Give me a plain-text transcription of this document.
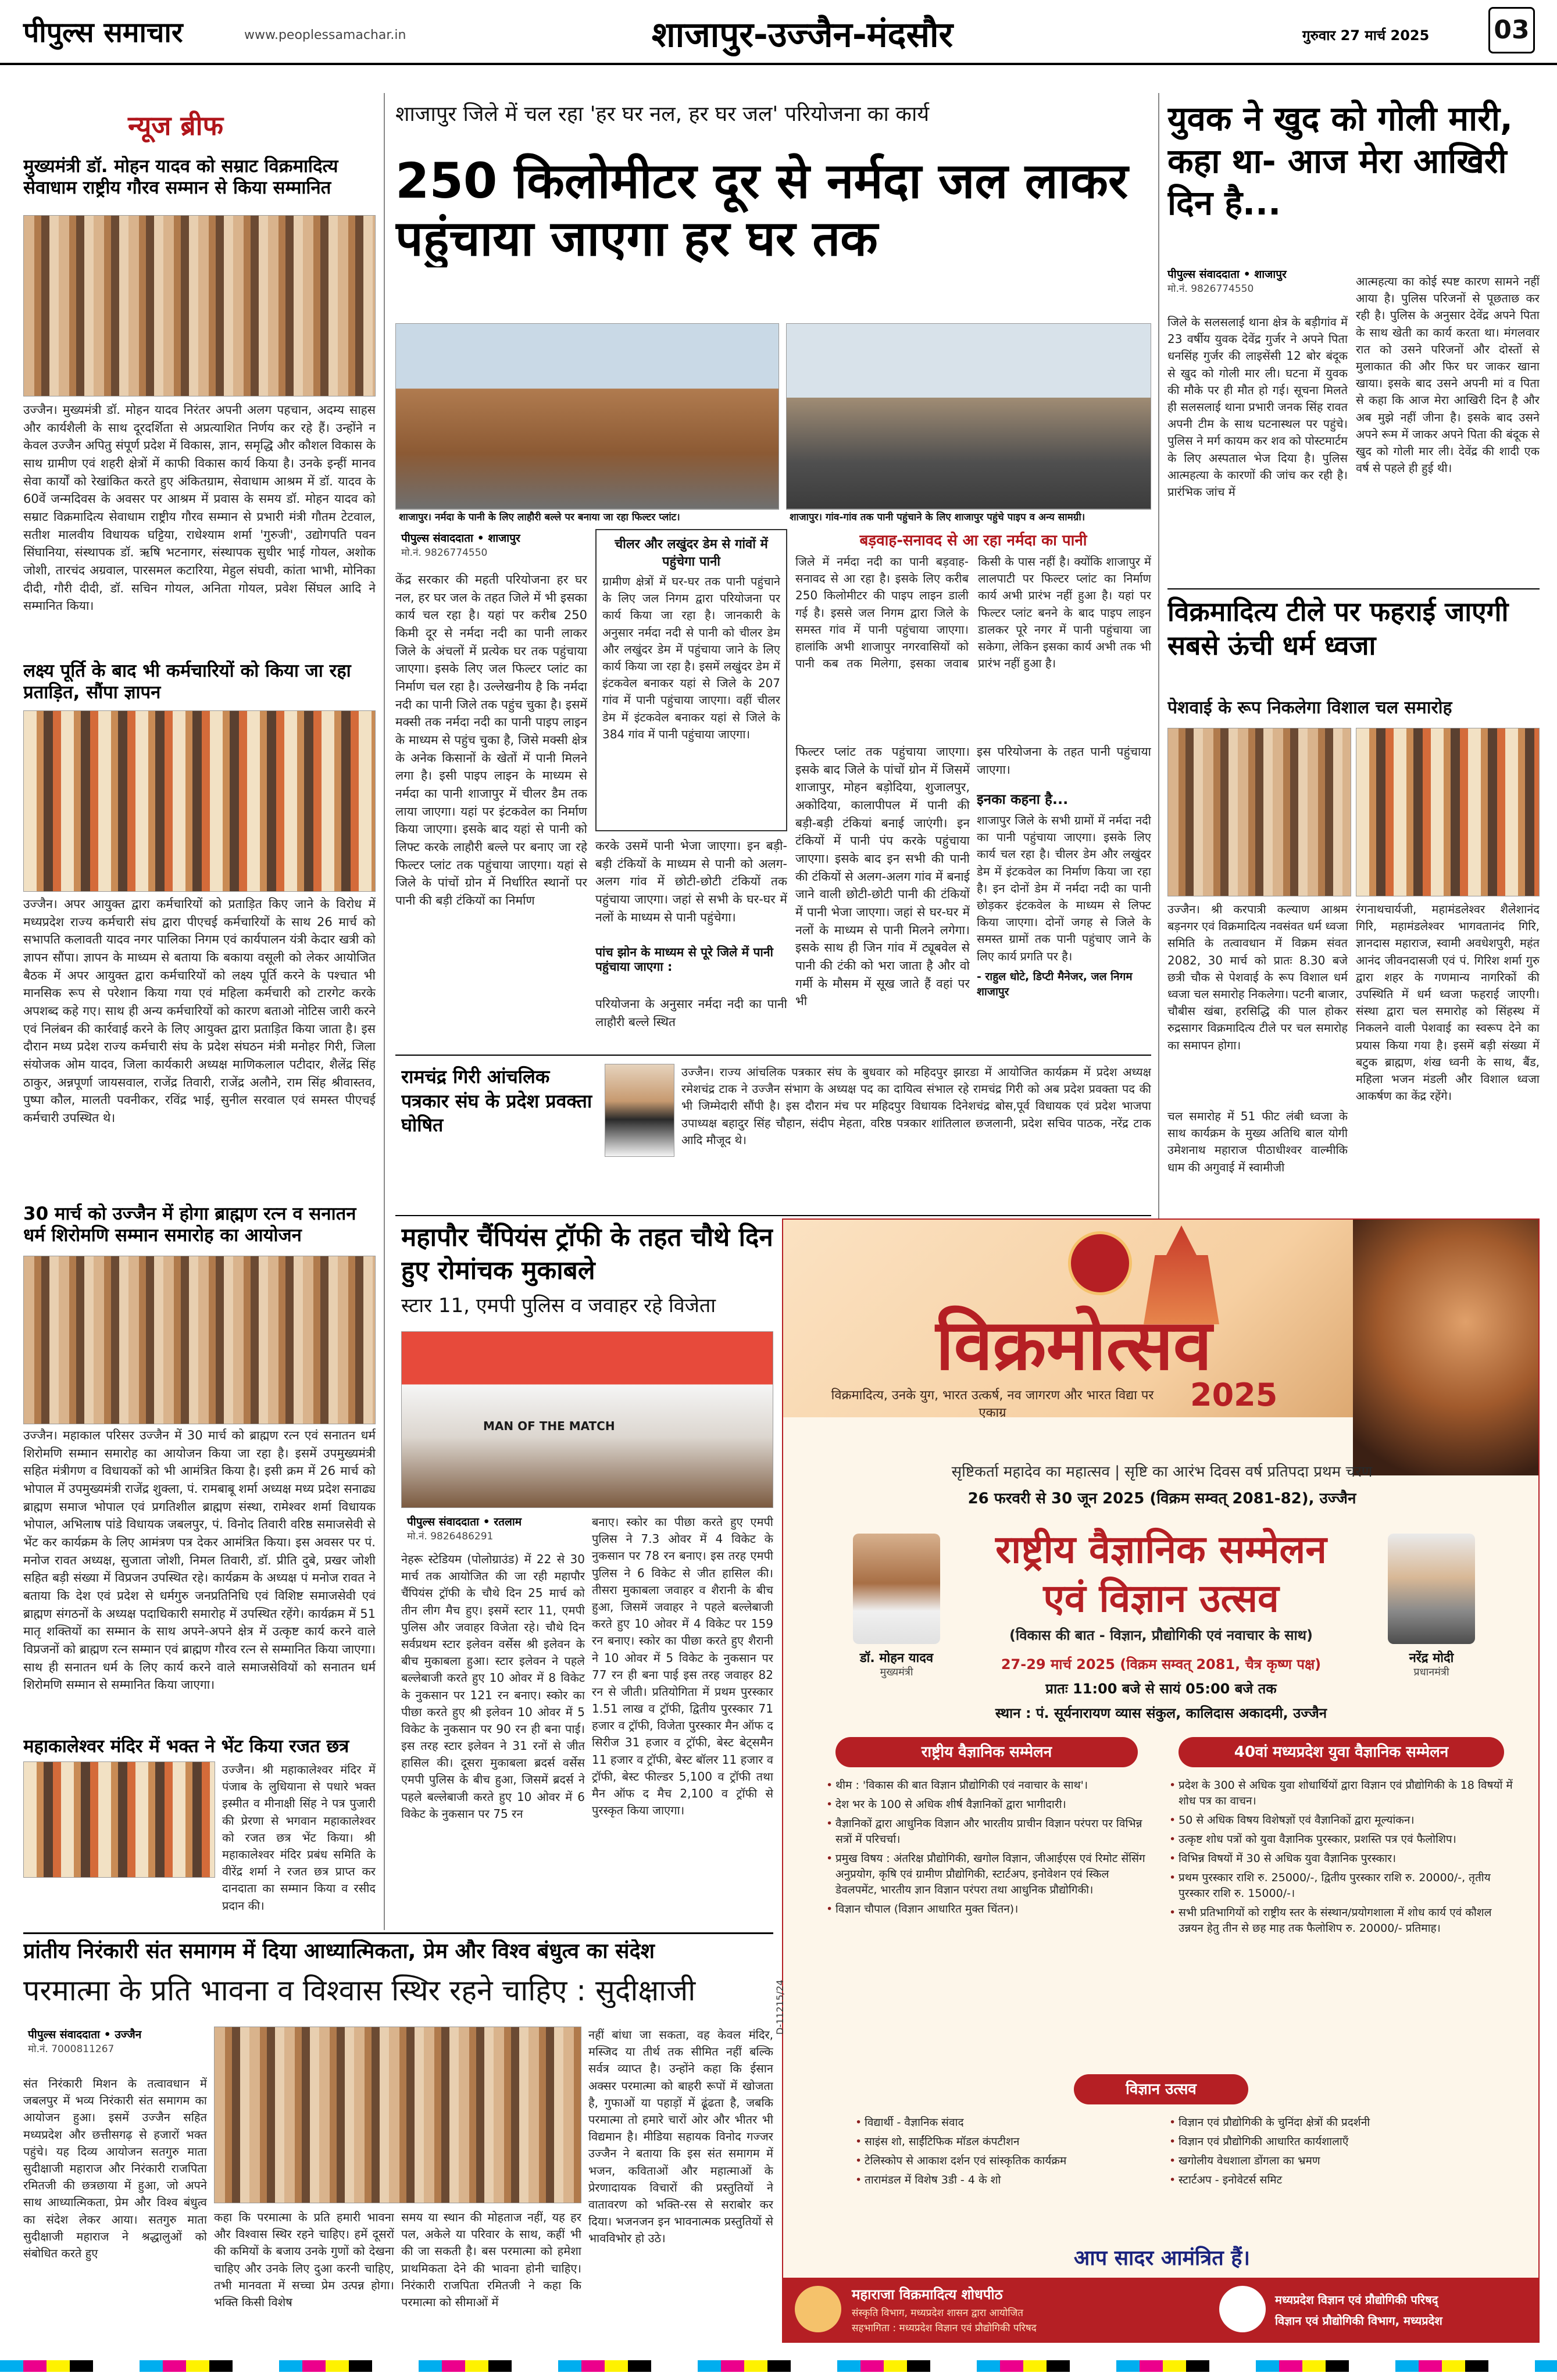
पीपुल्स समाचार	www.peoplessamachar.in	शाजापुर-उज्जैन-मंदसौर	गुरुवार 27 मार्च 2025	03
न्यूज ब्रीफ
मुख्यमंत्री डॉ. मोहन यादव को सम्राट विक्रमादित्य सेवाधाम राष्ट्रीय गौरव सम्मान से किया सम्मानित
उज्जैन। मुख्यमंत्री डॉ. मोहन यादव निरंतर अपनी अलग पहचान, अदम्य साहस और कार्यशैली के साथ दूरदर्शिता से अप्रत्याशित निर्णय कर रहे हैं। उन्होंने न केवल उज्जैन अपितु संपूर्ण प्रदेश में विकास, ज्ञान, समृद्धि और कौशल विकास के साथ ग्रामीण एवं शहरी क्षेत्रों में काफी विकास कार्य किया है। उनके इन्हीं मानव सेवा कार्यों को रेखांकित करते हुए अंकितग्राम, सेवाधाम आश्रम में डॉ. यादव के 60वें जन्मदिवस के अवसर पर आश्रम में प्रवास के समय डॉ. मोहन यादव को सम्राट विक्रमादित्य सेवाधाम राष्ट्रीय गौरव सम्मान से प्रभारी मंत्री गौतम टेटवाल, सतीश मालवीय विधायक घट्टिया, राधेश्याम शर्मा 'गुरुजी', उद्योगपति पवन सिंघानिया, संस्थापक डॉ. ऋषि भटनागर, संस्थापक सुधीर भाई गोयल, अशोक जोशी, तारचंद अग्रवाल, पारसमल कटारिया, मेहुल संघवी, कांता भाभी, मोनिका दीदी, गौरी दीदी, डॉ. सचिन गोयल, अनिता गोयल, प्रवेश सिंघल आदि ने सम्मानित किया।
लक्ष्य पूर्ति के बाद भी कर्मचारियों को किया जा रहा प्रताड़ित, सौंपा ज्ञापन
उज्जैन। अपर आयुक्त द्वारा कर्मचारियों को प्रताड़ित किए जाने के विरोध में मध्यप्रदेश राज्य कर्मचारी संघ द्वारा पीएचई कर्मचारियों के साथ 26 मार्च को सभापति कलावती यादव नगर पालिका निगम एवं कार्यपालन यंत्री केदार खत्री को ज्ञापन सौंपा। ज्ञापन के माध्यम से बताया कि बकाया वसूली को लेकर आयोजित बैठक में अपर आयुक्त द्वारा कर्मचारियों को लक्ष्य पूर्ति करने के पश्चात भी मानसिक रूप से परेशान किया गया एवं महिला कर्मचारी को टारगेट करके अपशब्द कहे गए। साथ ही अन्य कर्मचारियों को कारण बताओ नोटिस जारी करने एवं निलंबन की कार्रवाई करने के लिए आयुक्त द्वारा प्रताड़ित किया जाता है। इस दौरान मध्य प्रदेश राज्य कर्मचारी संघ के प्रदेश संघठन मंत्री मनोहर गिरी, जिला संयोजक ओम यादव, जिला कार्यकारी अध्यक्ष माणिकलाल पटीदार, शैलेंद्र सिंह ठाकुर, अन्नपूर्णा जायसवाल, राजेंद्र तिवारी, राजेंद्र अलौने, राम सिंह श्रीवास्तव, पुष्पा कौल, मालती पवनीकर, रविंद्र भाई, सुनील सरवाल एवं समस्त पीएचई कर्मचारी उपस्थित थे।
30 मार्च को उज्जैन में होगा ब्राह्मण रत्न व सनातन धर्म शिरोमणि सम्मान समारोह का आयोजन
उज्जैन। महाकाल परिसर उज्जैन में 30 मार्च को ब्राह्मण रत्न एवं सनातन धर्म शिरोमणि सम्मान समारोह का आयोजन किया जा रहा है। इसमें उपमुख्यमंत्री सहित मंत्रीगण व विधायकों को भी आमंत्रित किया है। इसी क्रम में 26 मार्च को भोपाल में उपमुख्यमंत्री राजेंद्र शुक्ला, पं. रामबाबू शर्मा अध्यक्ष मध्य प्रदेश सनाढ्य ब्राह्मण समाज भोपाल एवं प्रगतिशील ब्राह्मण संस्था, रामेश्वर शर्मा विधायक भोपाल, अभिलाष पांडे विधायक जबलपुर, पं. विनोद तिवारी वरिष्ठ समाजसेवी से भेंट कर कार्यक्रम के लिए आमंत्रण पत्र देकर आमंत्रित किया। इस अवसर पर पं. मनोज रावत अध्यक्ष, सुजाता जोशी, निमल तिवारी, डॉ. प्रीति दुबे, प्रखर जोशी सहित बड़ी संख्या में विप्रजन उपस्थित रहे। कार्यक्रम के अध्यक्ष पं मनोज रावत ने बताया कि देश एवं प्रदेश से धर्मगुरु जनप्रतिनिधि एवं विशिष्ट समाजसेवी एवं ब्राह्मण संगठनों के अध्यक्ष पदाधिकारी समारोह में उपस्थित रहेंगे। कार्यक्रम में 51 मातृ शक्तियों का सम्मान के साथ अपने-अपने क्षेत्र में उत्कृष्ट कार्य करने वाले विप्रजनों को ब्राह्मण रत्न सम्मान एवं ब्राह्मण गौरव रत्न से सम्मानित किया जाएगा। साथ ही सनातन धर्म के लिए कार्य करने वाले समाजसेवियों को सनातन धर्म शिरोमणि सम्मान से सम्मानित किया जाएगा।
महाकालेश्वर मंदिर में भक्त ने भेंट किया रजत छत्र
उज्जैन। श्री महाकालेश्वर मंदिर में पंजाब के लुधियाना से पधारे भक्त इस्मीत व मीनाक्षी सिंह ने पत्र पुजारी की प्रेरणा से भगवान महाकालेश्वर को रजत छत्र भेंट किया। श्री महाकालेश्वर मंदिर प्रबंध समिति के वीरेंद्र शर्मा ने रजत छत्र प्राप्त कर दानदाता का सम्मान किया व रसीद प्रदान की।
शाजापुर जिले में चल रहा 'हर घर नल, हर घर जल' परियोजना का कार्य
250 किलोमीटर दूर से नर्मदा जल लाकर पहुंचाया जाएगा हर घर तक
शाजापुर। नर्मदा के पानी के लिए लाहौरी बल्ले पर बनाया जा रहा फिल्टर प्लांट।	शाजापुर। गांव-गांव तक पानी पहुंचाने के लिए शाजापुर पहुंचे पाइप व अन्य सामग्री।
पीपुल्स संवाददाता • शाजापुर
मो.नं. 9826774550
केंद्र सरकार की महती परियोजना हर घर नल, हर घर जल के तहत जिले में भी इसका कार्य चल रहा है। यहां पर करीब 250 किमी दूर से नर्मदा नदी का पानी लाकर जिले के अंचलों में प्रत्येक घर तक पहुंचाया जाएगा। इसके लिए जल फिल्टर प्लांट का निर्माण चल रहा है। उल्लेखनीय है कि नर्मदा नदी का पानी जिले तक पहुंच चुका है। इसमें मक्सी तक नर्मदा नदी का पानी पाइप लाइन के माध्यम से पहुंच चुका है, जिसे मक्सी क्षेत्र के अनेक किसानों के खेतों में पानी मिलने लगा है। इसी पाइप लाइन के माध्यम से नर्मदा का पानी शाजापुर में चीलर डैम तक लाया जाएगा। यहां पर इंटकवेल का निर्माण किया जाएगा। इसके बाद यहां से पानी को लिफ्ट करके लाहौरी बल्ले पर बनाए जा रहे फिल्टर प्लांट तक पहुंचाया जाएगा। यहां से जिले के पांचों ग्रोन में निर्धारित स्थानों पर पानी की बड़ी टंकियों का निर्माण
चीलर और लखुंदर डेम से गांवों में पहुंचेगा पानी
ग्रामीण क्षेत्रों में घर-घर तक पानी पहुंचाने के लिए जल निगम द्वारा परियोजना पर कार्य किया जा रहा है। जानकारी के अनुसार नर्मदा नदी से पानी को चीलर डेम और लखुंदर डेम में पहुंचाया जाने के लिए कार्य किया जा रहा है। इसमें लखुंदर डेम में इंटकवेल बनाकर यहां से जिले के 207 गांव में पानी पहुंचाया जाएगा। वहीं चीलर डेम में इंटकवेल बनाकर यहां से जिले के 384 गांव में पानी पहुंचाया जाएगा।
करके उसमें पानी भेजा जाएगा। इन बड़ी-बड़ी टंकियों के माध्यम से पानी को अलग-अलग गांव में छोटी-छोटी टंकियों तक पहुंचाया जाएगा। जहां से सभी के घर-घर में नलों के माध्यम से पानी पहुंचेगा।
पांच झोन के माध्यम से पूरे जिले में पानी पहुंचाया जाएगा :
परियोजना के अनुसार नर्मदा नदी का पानी लाहौरी बल्ले स्थित
बड़वाह-सनावद से आ रहा नर्मदा का पानी
जिले में नर्मदा नदी का पानी बड़वाह-सनावद से आ रहा है। इसके लिए करीब 250 किलोमीटर की पाइप लाइन डाली गई है। इससे जल निगम द्वारा जिले के समस्त गांव में पानी पहुंचाया जाएगा। हालांकि अभी शाजापुर नगरवासियों को पानी कब तक मिलेगा, इसका जवाब किसी के पास नहीं है। क्योंकि शाजापुर में लालपाटी पर फिल्टर प्लांट का निर्माण कार्य अभी प्रारंभ नहीं हुआ है। यहां पर फिल्टर प्लांट बनने के बाद पाइप लाइन डालकर पूरे नगर में पानी पहुंचाया जा सकेगा, लेकिन इसका कार्य अभी तक भी प्रारंभ नहीं हुआ है।
फिल्टर प्लांट तक पहुंचाया जाएगा। इसके बाद जिले के पांचों ग्रोन में जिसमें शाजापुर, मोहन बड़ोदिया, शुजालपुर, अकोदिया, कालापीपल में पानी की बड़ी-बड़ी टंकियां बनाई जाएंगी। इन टंकियों में पानी पंप करके पहुंचाया जाएगा। इसके बाद इन सभी की पानी की टंकियों से अलग-अलग गांव में बनाई जाने वाली छोटी-छोटी पानी की टंकियों में पानी भेजा जाएगा। जहां से घर-घर में नलों के माध्यम से पानी मिलने लगेगा। इसके साथ ही जिन गांव में ट्यूबवेल से पानी की टंकी को भरा जाता है और वो गर्मी के मौसम में सूख जाते हैं वहां पर भी
इस परियोजना के तहत पानी पहुंचाया जाएगा।
इनका कहना है...
शाजापुर जिले के सभी ग्रामों में नर्मदा नदी का पानी पहुंचाया जाएगा। इसके लिए कार्य चल रहा है। चीलर डेम और लखुंदर डेम में इंटकवेल का निर्माण किया जा रहा है। इन दोनों डेम में नर्मदा नदी का पानी छोड़कर इंटकवेल के माध्यम से लिफ्ट किया जाएगा। दोनों जगह से जिले के समस्त ग्रामों तक पानी पहुंचाए जाने के लिए कार्य प्रगति पर है।
- राहुल धोटे, डिप्टी मैनेजर, जल निगम शाजापुर
युवक ने खुद को गोली मारी, कहा था- आज मेरा आखिरी दिन है...
पीपुल्स संवाददाता • शाजापुर
मो.नं. 9826774550
जिले के सलसलाई थाना क्षेत्र के बड़ीगांव में 23 वर्षीय युवक देवेंद्र गुर्जर ने अपने पिता धनसिंह गुर्जर की लाइसेंसी 12 बोर बंदूक से खुद को गोली मार ली। घटना में युवक की मौके पर ही मौत हो गई। सूचना मिलते ही सलसलाई थाना प्रभारी जनक सिंह रावत अपनी टीम के साथ घटनास्थल पर पहुंचे। पुलिस ने मर्ग कायम कर शव को पोस्टमार्टम के लिए अस्पताल भेज दिया है। पुलिस आत्महत्या के कारणों की जांच कर रही है। प्रारंभिक जांच में
आत्महत्या का कोई स्पष्ट कारण सामने नहीं आया है। पुलिस परिजनों से पूछताछ कर रही है। पुलिस के अनुसार देवेंद्र अपने पिता के साथ खेती का कार्य करता था। मंगलवार रात को उसने परिजनों और दोस्तों से मुलाकात की और फिर घर जाकर खाना खाया। इसके बाद उसने अपनी मां व पिता से कहा कि आज मेरा आखिरी दिन है और अब मुझे नहीं जीना है। इसके बाद उसने अपने रूम में जाकर अपने पिता की बंदूक से खुद को गोली मार ली। देवेंद्र की शादी एक वर्ष से पहले ही हुई थी।
विक्रमादित्य टीले पर फहराई जाएगी सबसे ऊंची धर्म ध्वजा
पेशवाई के रूप निकलेगा विशाल चल समारोह
उज्जैन। श्री करपात्री कल्याण आश्रम बड़नगर एवं विक्रमादित्य नवसंवत धर्म ध्वजा समिति के तत्वावधान में विक्रम संवत 2082, 30 मार्च को प्रातः 8.30 बजे छत्री चौक से पेशवाई के रूप विशाल धर्म ध्वजा चल समारोह निकलेगा। पटनी बाजार, चौबीस खंबा, हरसिद्धि की पाल होकर रुद्रसागर विक्रमादित्य टीले पर चल समारोह का समापन होगा।
चल समारोह में 51 फीट लंबी ध्वजा के साथ कार्यक्रम के मुख्य अतिथि बाल योगी उमेशनाथ महाराज पीठाधीश्वर वाल्मीकि धाम की अगुवाई में स्वामीजी
रंगनाथचार्यजी, महामंडलेश्वर शैलेशानंद गिरि, महामंडलेश्वर भागवतानंद गिरि, ज्ञानदास महाराज, स्वामी अवधेशपुरी, महंत आनंद जीवनदासजी एवं पं. गिरिश शर्मा गुरु द्वारा शहर के गणमान्य नागरिकों की उपस्थिति में धर्म ध्वजा फहराई जाएगी। संस्था द्वारा चल समारोह को सिंहस्थ में निकलने वाली पेशवाई का स्वरूप देने का प्रयास किया गया है। इसमें बड़ी संख्या में बटुक ब्राह्मण, शंख ध्वनी के साथ, बैंड, महिला भजन मंडली और विशाल ध्वजा आकर्षण का केंद्र रहेंगे।
रामचंद्र गिरी आंचलिक पत्रकार संघ के प्रदेश प्रवक्ता घोषित
उज्जैन। राज्य आंचलिक पत्रकार संघ के बुधवार को महिदपुर झारडा में आयोजित कार्यक्रम में प्रदेश अध्यक्ष रमेशचंद्र टाक ने उज्जैन संभाग के अध्यक्ष पद का दायित्व संभाल रहे रामचंद्र गिरी को अब प्रदेश प्रवक्ता पद की भी जिम्मेदारी सौंपी है। इस दौरान मंच पर महिदपुर विधायक दिनेशचंद्र बोस,पूर्व विधायक एवं प्रदेश भाजपा उपाध्यक्ष बहादुर सिंह चौहान, संदीप मेहता, वरिष्ठ पत्रकार शांतिलाल छजलानी, प्रदेश सचिव पाठक, नरेंद्र टाक आदि मौजूद थे।
महापौर चैंपियंस ट्रॉफी के तहत चौथे दिन हुए रोमांचक मुकाबले
स्टार 11, एमपी पुलिस व जवाहर रहे विजेता
MAN OF THE MATCH
पीपुल्स संवाददाता • रतलाम
मो.नं. 9826486291
नेहरू स्टेडियम (पोलोग्राउंड) में 22 से 30 मार्च तक आयोजित की जा रही महापौर चैंपियंस ट्रॉफी के चौथे दिन 25 मार्च को तीन लीग मैच हुए। इसमें स्टार 11, एमपी पुलिस और जवाहर विजेता रहे। चौथे दिन सर्वप्रथम स्टार इलेवन वर्सेस श्री इलेवन के बीच मुकाबला हुआ। स्टार इलेवन ने पहले बल्लेबाजी करते हुए 10 ओवर में 8 विकेट के नुकसान पर 121 रन बनाए। स्कोर का पीछा करते हुए श्री इलेवन 10 ओवर में 5 विकेट के नुकसान पर 90 रन ही बना पाई। इस तरह स्टार इलेवन ने 31 रनों से जीत हासिल की। दूसरा मुकाबला ब्रदर्स वर्सेस एमपी पुलिस के बीच हुआ, जिसमें ब्रदर्स ने पहले बल्लेबाजी करते हुए 10 ओवर में 6 विकेट के नुकसान पर 75 रन
बनाए। स्कोर का पीछा करते हुए एमपी पुलिस ने 7.3 ओवर में 4 विकेट के नुकसान पर 78 रन बनाए। इस तरह एमपी पुलिस ने 6 विकेट से जीत हासिल की। तीसरा मुकाबला जवाहर व शैरानी के बीच हुआ, जिसमें जवाहर ने पहले बल्लेबाजी करते हुए 10 ओवर में 4 विकेट पर 159 रन बनाए। स्कोर का पीछा करते हुए शैरानी ने 10 ओवर में 5 विकेट के नुकसान पर 77 रन ही बना पाई इस तरह जवाहर 82 रन से जीती। प्रतियोगिता में प्रथम पुरस्कार 1.51 लाख व ट्रॉफी, द्वितीय पुरस्कार 71 हजार व ट्रॉफी, विजेता पुरस्कार मैन ऑफ द सिरीज 31 हजार व ट्रॉफी, बेस्ट बेट्समैन 11 हजार व ट्रॉफी, बेस्ट बॉलर 11 हजार व ट्रॉफी, बेस्ट फील्डर 5,100 व ट्रॉफी तथा मैन ऑफ द मैच 2,100 व ट्रॉफी से पुरस्कृत किया जाएगा।
प्रांतीय निरंकारी संत समागम में दिया आध्यात्मिकता, प्रेम और विश्व बंधुत्व का संदेश
परमात्मा के प्रति भावना व विश्वास स्थिर रहने चाहिए : सुदीक्षाजी
पीपुल्स संवाददाता • उज्जैन
मो.नं. 7000811267
संत निरंकारी मिशन के तत्वावधान में जबलपुर में भव्य निरंकारी संत समागम का आयोजन हुआ। इसमें उज्जैन सहित मध्यप्रदेश और छत्तीसगढ़ से हजारों भक्त पहुंचे। यह दिव्य आयोजन सतगुरु माता सुदीक्षाजी महाराज और निरंकारी राजपिता रमितजी की छत्रछाया में हुआ, जो अपने साथ आध्यात्मिकता, प्रेम और विश्व बंधुत्व का संदेश लेकर आया। सतगुरु माता सुदीक्षाजी महाराज ने श्रद्धालुओं को संबोधित करते हुए
कहा कि परमात्मा के प्रति हमारी भावना और विश्वास स्थिर रहने चाहिए। हमें दूसरों की कमियों के बजाय उनके गुणों को देखना चाहिए और उनके लिए दुआ करनी चाहिए, तभी मानवता में सच्चा प्रेम उत्पन्न होगा। भक्ति किसी विशेष
समय या स्थान की मोहताज नहीं, यह हर पल, अकेले या परिवार के साथ, कहीं भी की जा सकती है। बस परमात्मा को हमेशा प्राथमिकता देने की भावना होनी चाहिए। निरंकारी राजपिता रमितजी ने कहा कि परमात्मा को सीमाओं में
नहीं बांधा जा सकता, वह केवल मंदिर, मस्जिद या तीर्थ तक सीमित नहीं बल्कि सर्वत्र व्याप्त है। उन्होंने कहा कि ईसान अक्सर परमात्मा को बाहरी रूपों में खोजता है, गुफाओं या पहाड़ों में ढूंढता है, जबकि परमात्मा तो हमारे चारों ओर और भीतर भी विद्यमान है। मीडिया सहायक विनोद गज्जर उज्जैन ने बताया कि इस संत समागम में भजन, कविताओं और महात्माओं के प्रेरणादायक विचारों की प्रस्तुतियों ने वातावरण को भक्ति-रस से सराबोर कर दिया। भजनजन इन भावनात्मक प्रस्तुतियों से भावविभोर हो उठे।
विक्रमोत्सव
2025
विक्रमादित्य, उनके युग, भारत उत्कर्ष, नव जागरण और भारत विद्या पर एकाग्र
सृष्टिकर्ता महादेव का महात्सव | सृष्टि का आरंभ दिवस वर्ष प्रतिपदा प्रथम चरण
26 फरवरी से 30 जून 2025 (विक्रम सम्वत् 2081-82), उज्जैन
राष्ट्रीय वैज्ञानिक सम्मेलन
एवं विज्ञान उत्सव
(विकास की बात - विज्ञान, प्रौद्योगिकी एवं नवाचार के साथ)
डॉ. मोहन यादव
मुख्यमंत्री
नरेंद्र मोदी
प्रधानमंत्री
27-29 मार्च 2025 (विक्रम सम्वत् 2081, चैत्र कृष्ण पक्ष)
प्रातः 11:00 बजे से सायं 05:00 बजे तक
स्थान : पं. सूर्यनारायण व्यास संकुल, कालिदास अकादमी, उज्जैन
राष्ट्रीय वैज्ञानिक सम्मेलन
• थीम : 'विकास की बात विज्ञान प्रौद्योगिकी एवं नवाचार के साथ'।
• देश भर के 100 से अधिक शीर्ष वैज्ञानिकों द्वारा भागीदारी।
• वैज्ञानिकों द्वारा आधुनिक विज्ञान और भारतीय प्राचीन विज्ञान परंपरा पर विभिन्न सत्रों में परिचर्चा।
• प्रमुख विषय : अंतरिक्ष प्रौद्योगिकी, खगोल विज्ञान, जीआईएस एवं रिमोट सेंसिंग अनुप्रयोग, कृषि एवं ग्रामीण प्रौद्योगिकी, स्टार्टअप, इनोवेशन एवं स्किल डेवलपमेंट, भारतीय ज्ञान विज्ञान परंपरा तथा आधुनिक प्रौद्योगिकी।
• विज्ञान चौपाल (विज्ञान आधारित मुक्त चिंतन)।
40वां मध्यप्रदेश युवा वैज्ञानिक सम्मेलन
• प्रदेश के 300 से अधिक युवा शोधार्थियों द्वारा विज्ञान एवं प्रौद्योगिकी के 18 विषयों में शोध पत्र का वाचन।
• 50 से अधिक विषय विशेषज्ञों एवं वैज्ञानिकों द्वारा मूल्यांकन।
• उत्कृष्ट शोध पत्रों को युवा वैज्ञानिक पुरस्कार, प्रशस्ति पत्र एवं फैलोशिप।
• विभिन्न विषयों में 30 से अधिक युवा वैज्ञानिक पुरस्कार।
• प्रथम पुरस्कार राशि रु. 25000/-, द्वितीय पुरस्कार राशि रु. 20000/-, तृतीय पुरस्कार राशि रु. 15000/-।
• सभी प्रतिभागियों को राष्ट्रीय स्तर के संस्थान/प्रयोगशाला में शोध कार्य एवं कौशल उन्नयन हेतु तीन से छह माह तक फैलोशिप रु. 20000/- प्रतिमाह।
विज्ञान उत्सव
• विद्यार्थी - वैज्ञानिक संवाद
• साइंस शो, साईंटिफिक मॉडल कंपटीशन
• टेलिस्कोप से आकाश दर्शन एवं सांस्कृतिक कार्यक्रम
• तारामंडल में विशेष 3डी - 4 के शो
• विज्ञान एवं प्रौद्योगिकी के चुनिंदा क्षेत्रों की प्रदर्शनी
• विज्ञान एवं प्रौद्योगिकी आधारित कार्यशालाएँ
• खगोलीय वेधशाला डोंगला का भ्रमण
• स्टार्टअप - इनोवेटर्स समिट
आप सादर आमंत्रित हैं।
महाराजा विक्रमादित्य शोधपीठ
संस्कृति विभाग, मध्यप्रदेश शासन द्वारा आयोजित
सहभागिता : मध्यप्रदेश विज्ञान एवं प्रौद्योगिकी परिषद
मध्यप्रदेश विज्ञान एवं प्रौद्योगिकी परिषद्
विज्ञान एवं प्रौद्योगिकी विभाग, मध्यप्रदेश
D-11215/24
